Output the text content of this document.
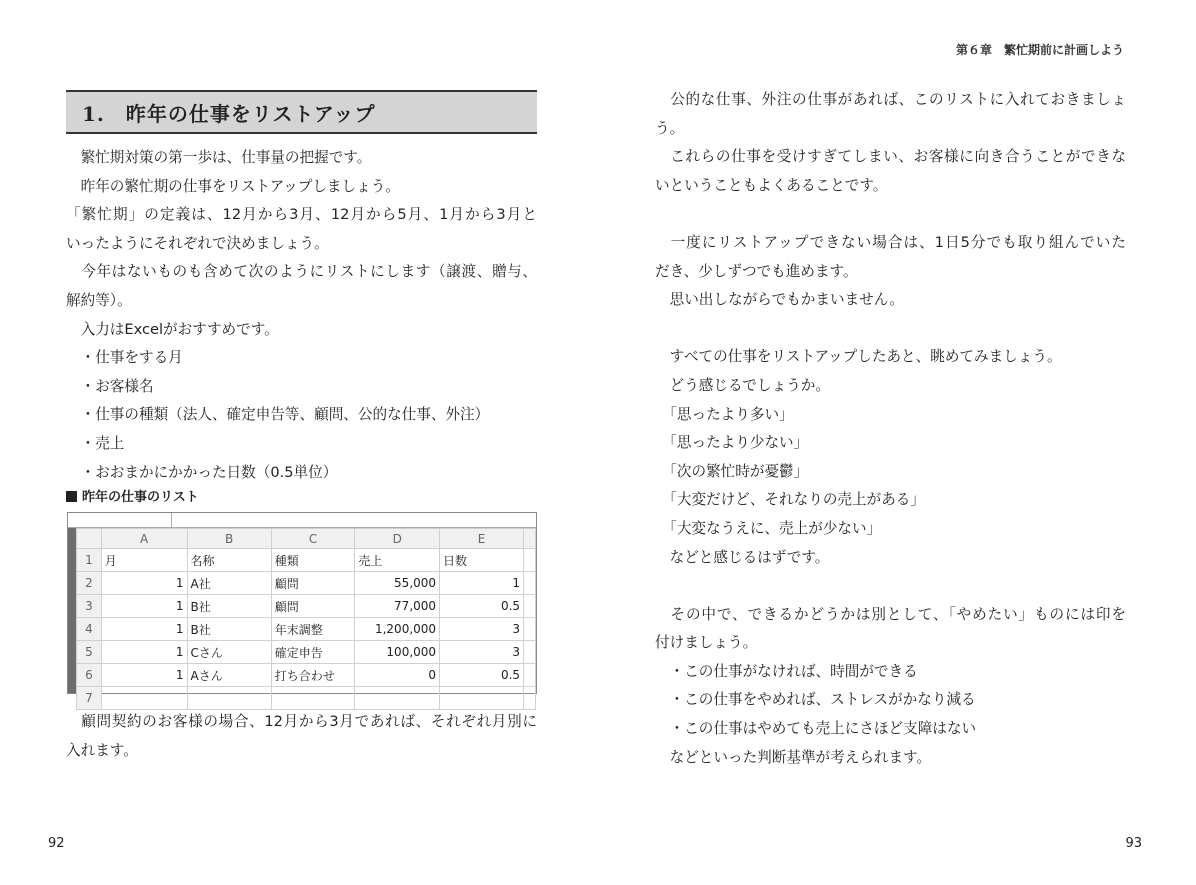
第６章　繁忙期前に計画しよう
1.　昨年の仕事をリストアップ
　繁忙期対策の第一歩は、仕事量の把握です。
　昨年の繁忙期の仕事をリストアップしましょう。
「繁忙期」の定義は、12月から3月、12月から5月、1月から3月と
いったようにそれぞれで決めましょう。
　今年はないものも含めて次のようにリストにします（譲渡、贈与、
解約等）。
　入力はExcelがおすすめです。
　・仕事をする月
　・お客様名
　・仕事の種類（法人、確定申告等、顧問、公的な仕事、外注）
　・売上
　・おおまかにかかった日数（0.5単位）
昨年の仕事のリスト
	A	B	C	D	E	
1	月	名称	種類	売上	日数	
2	1	A社	顧問	55,000	1	
3	1	B社	顧問	77,000	0.5	
4	1	B社	年末調整	1,200,000	3	
5	1	Cさん	確定申告	100,000	3	
6	1	Aさん	打ち合わせ	0	0.5	
7						
　顧問契約のお客様の場合、12月から3月であれば、それぞれ月別に
入れます。
　公的な仕事、外注の仕事があれば、このリストに入れておきましょ
う。
　これらの仕事を受けすぎてしまい、お客様に向き合うことができな
いということもよくあることです。
　一度にリストアップできない場合は、1日5分でも取り組んでいた
だき、少しずつでも進めます。
　思い出しながらでもかまいません。
　すべての仕事をリストアップしたあと、眺めてみましょう。
　どう感じるでしょうか。
　「思ったより多い」
　「思ったより少ない」
　「次の繁忙時が憂鬱」
　「大変だけど、それなりの売上がある」
　「大変なうえに、売上が少ない」
　などと感じるはずです。
　その中で、できるかどうかは別として、「やめたい」ものには印を
付けましょう。
　・この仕事がなければ、時間ができる
　・この仕事をやめれば、ストレスがかなり減る
　・この仕事はやめても売上にさほど支障はない
　などといった判断基準が考えられます。
92	93
